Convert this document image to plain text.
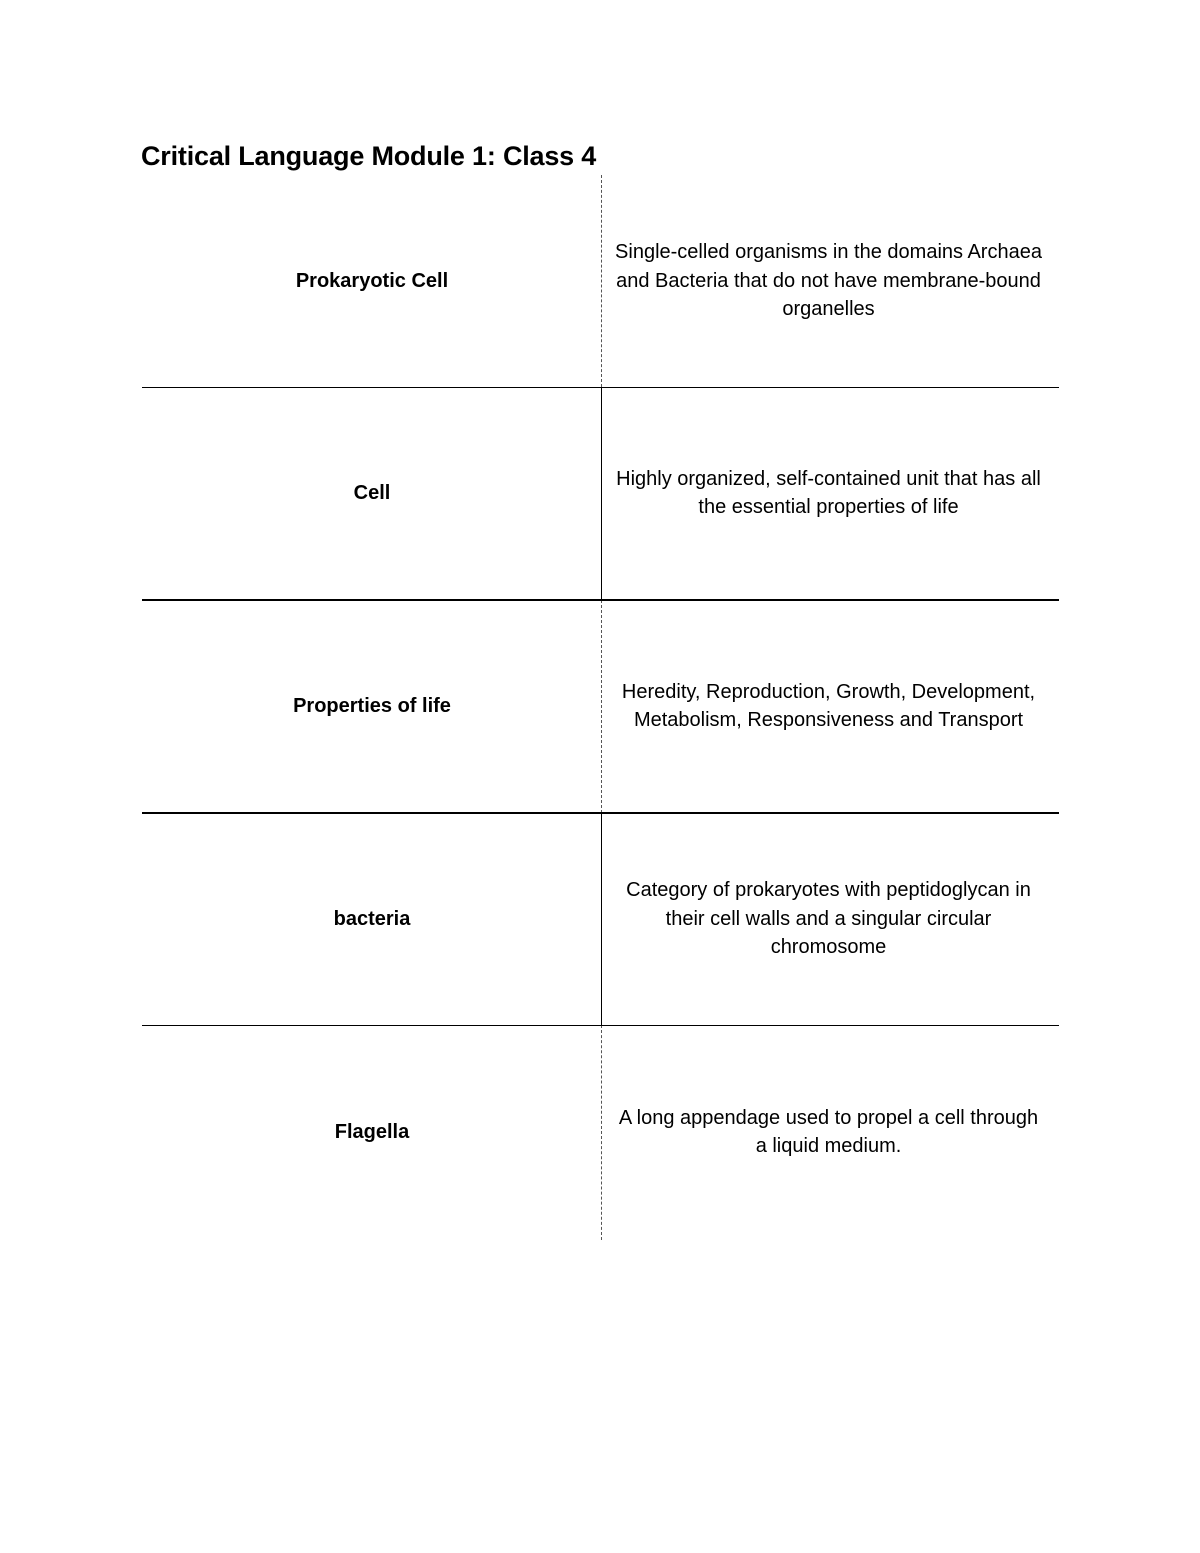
Critical Language Module 1: Class 4
Prokaryotic Cell
Single-celled organisms in the domains Archaea and Bacteria that do not have membrane-bound organelles
Cell
Highly organized, self-contained unit that has all the essential properties of life
Properties of life
Heredity, Reproduction, Growth, Development, Metabolism, Responsiveness and Transport
bacteria
Category of prokaryotes with peptidoglycan in their cell walls and a singular circular chromosome
Flagella
A long appendage used to propel a cell through a liquid medium.
